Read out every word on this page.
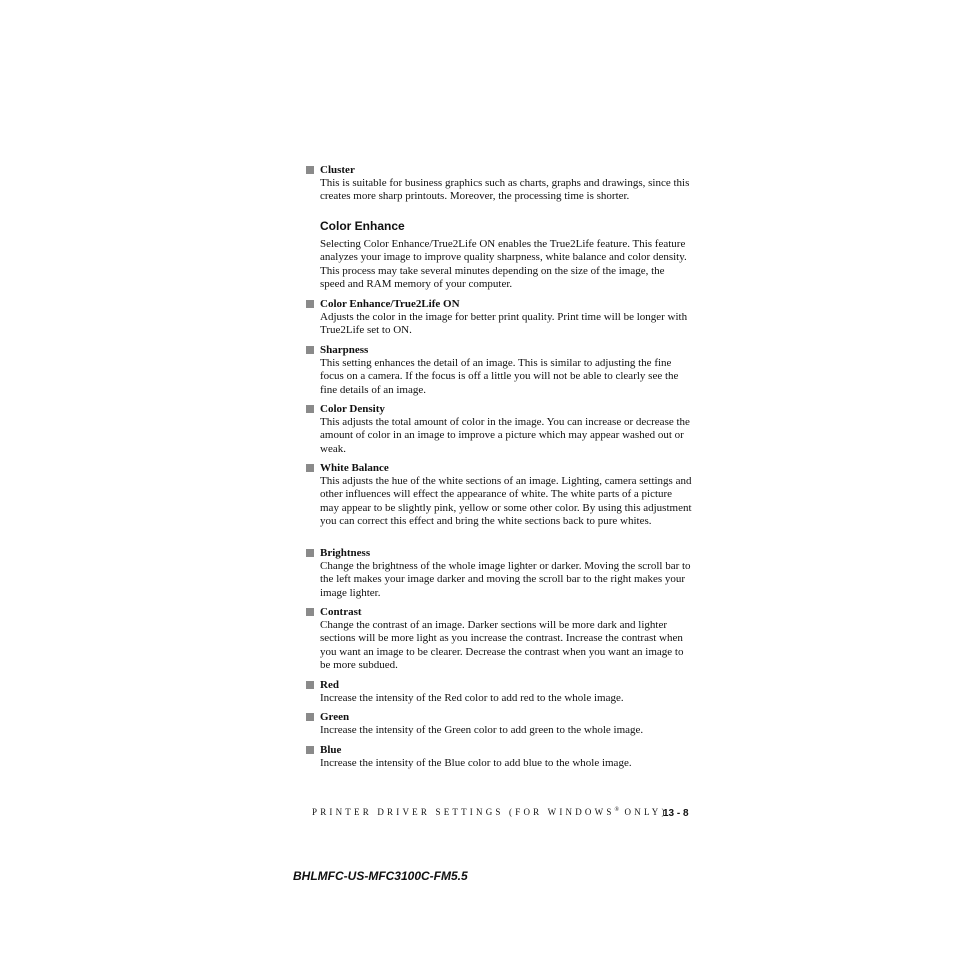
Cluster
This is suitable for business graphics such as charts, graphs and drawings, since this creates more sharp printouts. Moreover, the processing time is shorter.
Color Enhance
Selecting Color Enhance/True2Life ON enables the True2Life feature. This feature analyzes your image to improve quality sharpness, white balance and color density. This process may take several minutes depending on the size of the image, the speed and RAM memory of your computer.
Color Enhance/True2Life ON
Adjusts the color in the image for better print quality. Print time will be longer with True2Life set to ON.
Sharpness
This setting enhances the detail of an image. This is similar to adjusting the fine focus on a camera. If the focus is off a little you will not be able to clearly see the fine details of an image.
Color Density
This adjusts the total amount of color in the image. You can increase or decrease the amount of color in an image to improve a picture which may appear washed out or weak.
White Balance
This adjusts the hue of the white sections of an image. Lighting, camera settings and other influences will effect the appearance of white. The white parts of a picture may appear to be slightly pink, yellow or some other color. By using this adjustment you can correct this effect and bring the white sections back to pure whites.
Brightness
Change the brightness of the whole image lighter or darker. Moving the scroll bar to the left makes your image darker and moving the scroll bar to the right makes your image lighter.
Contrast
Change the contrast of an image. Darker sections will be more dark and lighter sections will be more light as you increase the contrast. Increase the contrast when you want an image to be clearer. Decrease the contrast when you want an image to be more subdued.
Red
Increase the intensity of the Red color to add red to the whole image.
Green
Increase the intensity of the Green color to add green to the whole image.
Blue
Increase the intensity of the Blue color to add blue to the whole image.
PRINTER DRIVER SETTINGS (FOR WINDOWS® ONLY)
13 - 8
BHLMFC-US-MFC3100C-FM5.5
